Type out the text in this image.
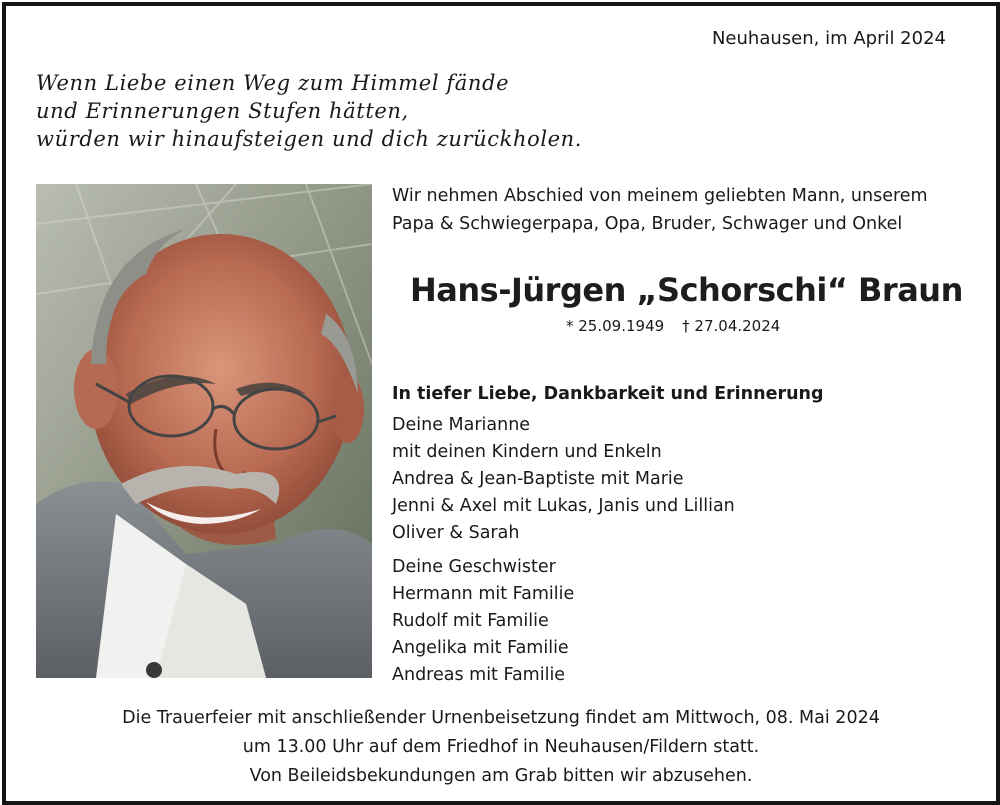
Neuhausen, im April 2024
Wenn Liebe einen Weg zum Himmel fände
und Erinnerungen Stufen hätten,
würden wir hinaufsteigen und dich zurückholen.
Wir nehmen Abschied von meinem geliebten Mann, unserem
Papa & Schwiegerpapa, Opa, Bruder, Schwager und Onkel
Hans-Jürgen „Schorschi“ Braun
* 25.09.1949 † 27.04.2024
In tiefer Liebe, Dankbarkeit und Erinnerung
Deine Marianne
mit deinen Kindern und Enkeln
Andrea & Jean-Baptiste mit Marie
Jenni & Axel mit Lukas, Janis und Lillian
Oliver & Sarah
Deine Geschwister
Hermann mit Familie
Rudolf mit Familie
Angelika mit Familie
Andreas mit Familie
Die Trauerfeier mit anschließender Urnenbeisetzung findet am Mittwoch, 08. Mai 2024
um 13.00 Uhr auf dem Friedhof in Neuhausen/Fildern statt.
Von Beileidsbekundungen am Grab bitten wir abzusehen.
